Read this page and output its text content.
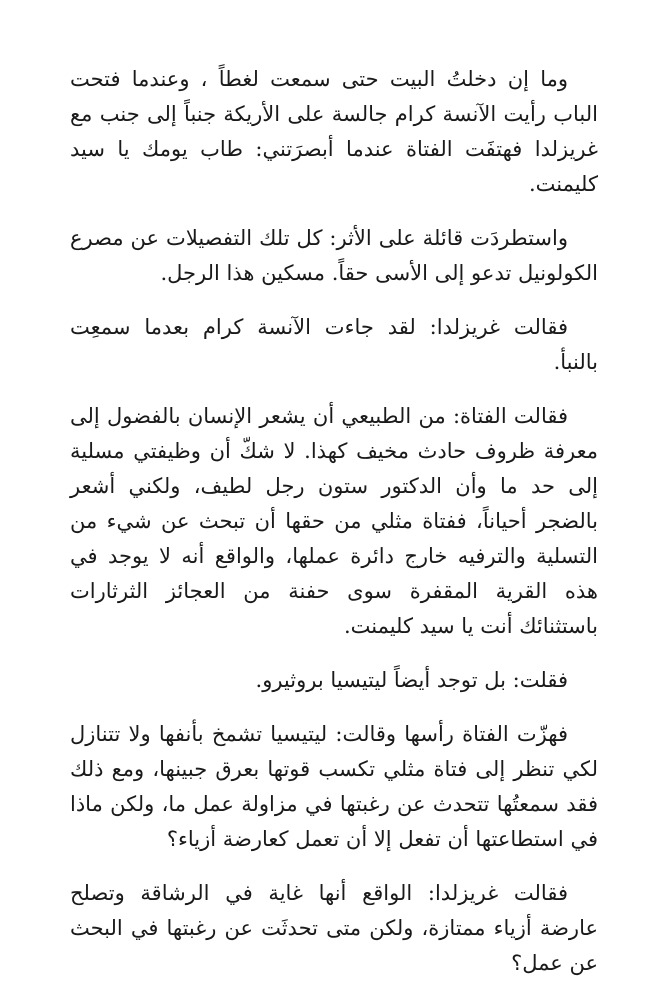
وما إن دخلتُ البيت حتى سمعت لغطاً ، وعندما فتحت الباب رأيت الآنسة كرام جالسة على الأريكة جنباً إلى جنب مع غريزلدا فهتفَت الفتاة عندما أبصرَتني: طاب يومك يا سيد كليمنت.

واستطردَت قائلة على الأثر: كل تلك التفصيلات عن مصرع الكولونيل تدعو إلى الأسى حقاً. مسكين هذا الرجل.

فقالت غريزلدا: لقد جاءت الآنسة كرام بعدما سمعِت بالنبأ.

فقالت الفتاة: من الطبيعي أن يشعر الإنسان بالفضول إلى معرفة ظروف حادث مخيف كهذا. لا شكّ أن وظيفتي مسلية إلى حد ما وأن الدكتور ستون رجل لطيف، ولكني أشعر بالضجر أحياناً، ففتاة مثلي من حقها أن تبحث عن شيء من التسلية والترفيه خارج دائرة عملها، والواقع أنه لا يوجد في هذه القرية المقفرة سوى حفنة من العجائز الثرثارات باستثنائك أنت يا سيد كليمنت.

فقلت: بل توجد أيضاً ليتيسيا بروثيرو.

فهزّت الفتاة رأسها وقالت: ليتيسيا تشمخ بأنفها ولا تتنازل لكي تنظر إلى فتاة مثلي تكسب قوتها بعرق جبينها، ومع ذلك فقد سمعتُها تتحدث عن رغبتها في مزاولة عمل ما، ولكن ماذا في استطاعتها أن تفعل إلا أن تعمل كعارضة أزياء؟

فقالت غريزلدا: الواقع أنها غاية في الرشاقة وتصلح عارضة أزياء ممتازة، ولكن متى تحدثَت عن رغبتها في البحث عن عمل؟
